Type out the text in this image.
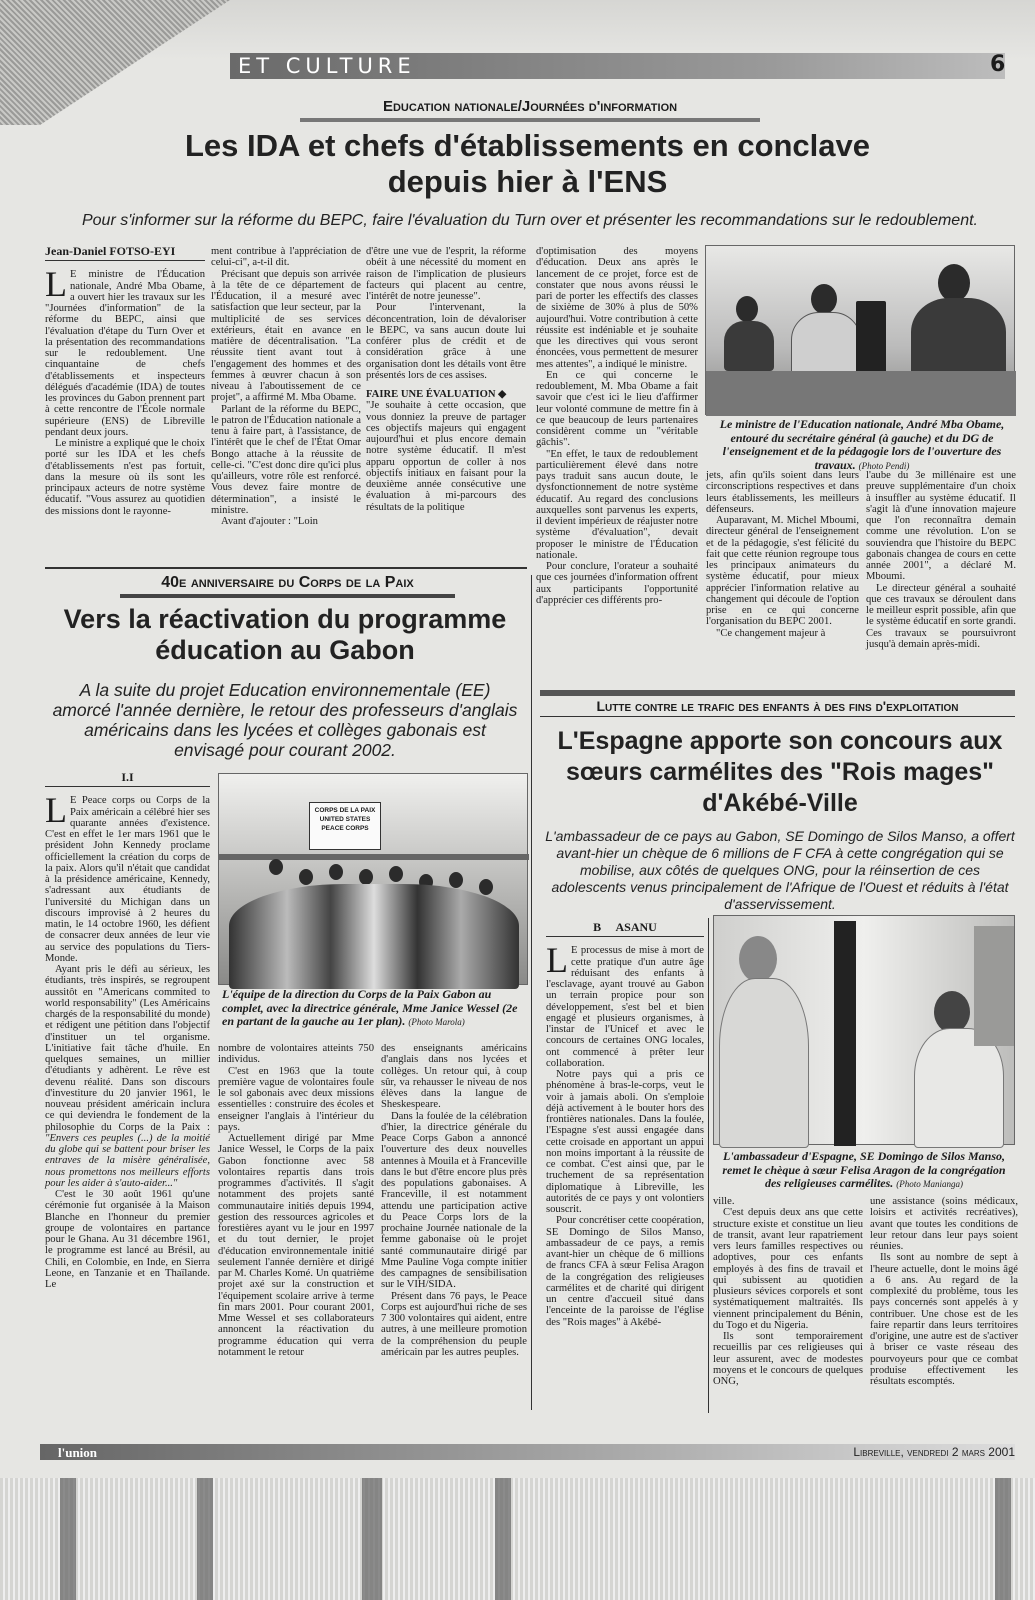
ET CULTURE	6
Education nationale/Journées d'information
Les IDA et chefs d'établissements en conclave
depuis hier à l'ENS
Pour s'informer sur la réforme du BEPC, faire l'évaluation du Turn over et présenter les recommandations sur le redoublement.
Jean-Daniel FOTSO-EYI

LE ministre de l'Éducation nationale, André Mba Obame, a ouvert hier les travaux sur les "Journées d'information" de la réforme du BEPC, ainsi que l'évaluation d'étape du Turn Over et la présentation des recommandations sur le redoublement. Une cinquantaine de chefs d'établissements et inspecteurs délégués d'académie (IDA) de toutes les provinces du Gabon prennent part à cette rencontre de l'École normale supérieure (ENS) de Libreville pendant deux jours.

Le ministre a expliqué que le choix porté sur les IDA et les chefs d'établissements n'est pas fortuit, dans la mesure où ils sont les principaux acteurs de notre système éducatif. "Vous assurez au quotidien des missions dont le rayonne-

ment contribue à l'appréciation de celui-ci", a-t-il dit.

Précisant que depuis son arrivée à la tête de ce département de l'Éducation, il a mesuré avec satisfaction que leur secteur, par la multiplicité de ses services extérieurs, était en avance en matière de décentralisation. "La réussite tient avant tout à l'engagement des hommes et des femmes à œuvrer chacun à son niveau à l'aboutissement de ce projet", a affirmé M. Mba Obame.

Parlant de la réforme du BEPC, le patron de l'Éducation nationale a tenu à faire part, à l'assistance, de l'intérêt que le chef de l'État Omar Bongo attache à la réussite de celle-ci. "C'est donc dire qu'ici plus qu'ailleurs, votre rôle est renforcé. Vous devez faire montre de détermination", a insisté le ministre.

Avant d'ajouter : "Loin

d'être une vue de l'esprit, la réforme obéit à une nécessité du moment en raison de l'implication de plusieurs facteurs qui placent au centre, l'intérêt de notre jeunesse".

Pour l'intervenant, la déconcentration, loin de dévaloriser le BEPC, va sans aucun doute lui conférer plus de crédit et de considération grâce à une organisation dont les détails vont être présentés lors de ces assises.

FAIRE UNE ÉVALUATION ◆

"Je souhaite à cette occasion, que vous donniez la preuve de partager ces objectifs majeurs qui engagent aujourd'hui et plus encore demain notre système éducatif. Il m'est apparu opportun de coller à nos objectifs initiaux en faisant pour la deuxième année consécutive une évaluation à mi-parcours des résultats de la politique

d'optimisation des moyens d'éducation. Deux ans après le lancement de ce projet, force est de constater que nous avons réussi le pari de porter les effectifs des classes de sixième de 30% à plus de 50% aujourd'hui. Votre contribution à cette réussite est indéniable et je souhaite que les directives qui vous seront énoncées, vous permettent de mesurer mes attentes", a indiqué le ministre.

En ce qui concerne le redoublement, M. Mba Obame a fait savoir que c'est ici le lieu d'affirmer leur volonté commune de mettre fin à ce que beaucoup de leurs partenaires considèrent comme un "véritable gâchis".

"En effet, le taux de redoublement particulièrement élevé dans notre pays traduit sans aucun doute, le dysfonctionnement de notre système éducatif. Au regard des conclusions auxquelles sont parvenus les experts, il devient impérieux de réajuster notre système d'évaluation", devait proposer le ministre de l'Éducation nationale.

Pour conclure, l'orateur a souhaité que ces journées d'information offrent aux participants l'opportunité d'apprécier ces différents pro-

Le ministre de l'Education nationale, André Mba Obame, entouré du secrétaire général (à gauche) et du DG de l'enseignement et de la pédagogie lors de l'ouverture des travaux. (Photo Pendi)

jets, afin qu'ils soient dans leurs circonscriptions respectives et dans leurs établissements, les meilleurs défenseurs.

Auparavant, M. Michel Mboumi, directeur général de l'enseignement et de la pédagogie, s'est félicité du fait que cette réunion regroupe tous les principaux animateurs du système éducatif, pour mieux apprécier l'information relative au changement qui découle de l'option prise en ce qui concerne l'organisation du BEPC 2001.

"Ce changement majeur à

l'aube du 3e millénaire est une preuve supplémentaire d'un choix à insuffler au système éducatif. Il s'agit là d'une innovation majeure que l'on reconnaîtra demain comme une révolution. L'on se souviendra que l'histoire du BEPC gabonais changea de cours en cette année 2001", a déclaré M. Mboumi.

Le directeur général a souhaité que ces travaux se déroulent dans le meilleur esprit possible, afin que le système éducatif en sorte grandi. Ces travaux se poursuivront jusqu'à demain après-midi.

40e anniversaire du Corps de la Paix
Vers la réactivation du programme éducation au Gabon
A la suite du projet Education environnementale (EE) amorcé l'année dernière, le retour des professeurs d'anglais américains dans les lycées et collèges gabonais est envisagé pour courant 2002.
I.I

LE Peace corps ou Corps de la Paix américain a célébré hier ses quarante années d'existence. C'est en effet le 1er mars 1961 que le président John Kennedy proclame officiellement la création du corps de la paix. Alors qu'il n'était que candidat à la présidence américaine, Kennedy, s'adressant aux étudiants de l'université du Michigan dans un discours improvisé à 2 heures du matin, le 14 octobre 1960, les défient de consacrer deux années de leur vie au service des populations du Tiers-Monde.

Ayant pris le défi au sérieux, les étudiants, très inspirés, se regroupent aussitôt en "Americans commited to world responsability" (Les Américains chargés de la responsabilité du monde) et rédigent une pétition dans l'objectif d'instituer un tel organisme. L'initiative fait tâche d'huile. En quelques semaines, un millier d'étudiants y adhèrent. Le rêve est devenu réalité. Dans son discours d'investiture du 20 janvier 1961, le nouveau président américain inclura ce qui deviendra le fondement de la philosophie du Corps de la Paix : "Envers ces peuples (...) de la moitié du globe qui se battent pour briser les entraves de la misère généralisée, nous promettons nos meilleurs efforts pour les aider à s'auto-aider..."

C'est le 30 août 1961 qu'une cérémonie fut organisée à la Maison Blanche en l'honneur du premier groupe de volontaires en partance pour le Ghana. Au 31 décembre 1961, le programme est lancé au Brésil, au Chili, en Colombie, en Inde, en Sierra Leone, en Tanzanie et en Thaïlande. Le

CORPS DE LA PAIX
UNITED STATES
PEACE CORPS
L'équipe de la direction du Corps de la Paix Gabon au complet, avec la directrice générale, Mme Janice Wessel (2e en partant de la gauche au 1er plan). (Photo Marola)

nombre de volontaires atteints 750 individus.

C'est en 1963 que la toute première vague de volontaires foule le sol gabonais avec deux missions essentielles : construire des écoles et enseigner l'anglais à l'intérieur du pays.

Actuellement dirigé par Mme Janice Wessel, le Corps de la paix Gabon fonctionne avec 58 volontaires repartis dans trois programmes d'activités. Il s'agit notamment des projets santé communautaire initiés depuis 1994, gestion des ressources agricoles et forestières ayant vu le jour en 1997 et du tout dernier, le projet d'éducation environnementale initié seulement l'année dernière et dirigé par M. Charles Komé. Un quatrième projet axé sur la construction et l'équipement scolaire arrive à terme fin mars 2001. Pour courant 2001, Mme Wessel et ses collaborateurs annoncent la réactivation du programme éducation qui verra notamment le retour

des enseignants américains d'anglais dans nos lycées et collèges. Un retour qui, à coup sûr, va rehausser le niveau de nos élèves dans la langue de Sheskespeare.

Dans la foulée de la célébration d'hier, la directrice générale du Peace Corps Gabon a annoncé l'ouverture des deux nouvelles antennes à Mouila et à Franceville dans le but d'être encore plus près des populations gabonaises. A Franceville, il est notamment attendu une participation active du Peace Corps lors de la prochaine Journée nationale de la femme gabonaise où le projet santé communautaire dirigé par Mme Pauline Voga compte initier des campagnes de sensibilisation sur le VIH/SIDA.

Présent dans 76 pays, le Peace Corps est aujourd'hui riche de ses 7 300 volontaires qui aident, entre autres, à une meilleure promotion de la compréhension du peuple américain par les autres peuples.

Lutte contre le trafic des enfants à des fins d'exploitation
L'Espagne apporte son concours aux sœurs carmélites des "Rois mages" d'Akébé-Ville
L'ambassadeur de ce pays au Gabon, SE Domingo de Silos Manso, a offert avant-hier un chèque de 6 millions de F CFA à cette congrégation qui se mobilise, aux côtés de quelques ONG, pour la réinsertion de ces adolescents venus principalement de l'Afrique de l'Ouest et réduits à l'état d'asservissement.
B     ASANU

LE processus de mise à mort de cette pratique d'un autre âge réduisant des enfants à l'esclavage, ayant trouvé au Gabon un terrain propice pour son développement, s'est bel et bien engagé et plusieurs organismes, à l'instar de l'Unicef et avec le concours de certaines ONG locales, ont commencé à prêter leur collaboration.

Notre pays qui a pris ce phénomène à bras-le-corps, veut le voir à jamais aboli. On s'emploie déjà activement à le bouter hors des frontières nationales. Dans la foulée, l'Espagne s'est aussi engagée dans cette croisade en apportant un appui non moins important à la réussite de ce combat. C'est ainsi que, par le truchement de sa représentation diplomatique à Libreville, les autorités de ce pays y ont volontiers souscrit.

Pour concrétiser cette coopération, SE Domingo de Silos Manso, ambassadeur de ce pays, a remis avant-hier un chèque de 6 millions de francs CFA à sœur Felisa Aragon de la congrégation des religieuses carmélites et de charité qui dirigent un centre d'accueil situé dans l'enceinte de la paroisse de l'église des "Rois mages" à Akébé-

L'ambassadeur d'Espagne, SE Domingo de Silos Manso, remet le chèque à sœur Felisa Aragon de la congrégation des religieuses carmélites. (Photo Manianga)

ville.

C'est depuis deux ans que cette structure existe et constitue un lieu de transit, avant leur rapatriement vers leurs familles respectives ou adoptives, pour ces enfants employés à des fins de travail et qui subissent au quotidien plusieurs sévices corporels et sont systématiquement maltraités. Ils viennent principalement du Bénin, du Togo et du Nigeria.

Ils sont temporairement recueillis par ces religieuses qui leur assurent, avec de modestes moyens et le concours de quelques ONG,

une assistance (soins médicaux, loisirs et activités recréatives), avant que toutes les conditions de leur retour dans leur pays soient réunies.

Ils sont au nombre de sept à l'heure actuelle, dont le moins âgé a 6 ans. Au regard de la complexité du problème, tous les pays concernés sont appelés à y contribuer. Une chose est de les faire repartir dans leurs territoires d'origine, une autre est de s'activer à briser ce vaste réseau des pourvoyeurs pour que ce combat produise effectivement les résultats escomptés.

l'union	Libreville, vendredi 2 mars 2001
